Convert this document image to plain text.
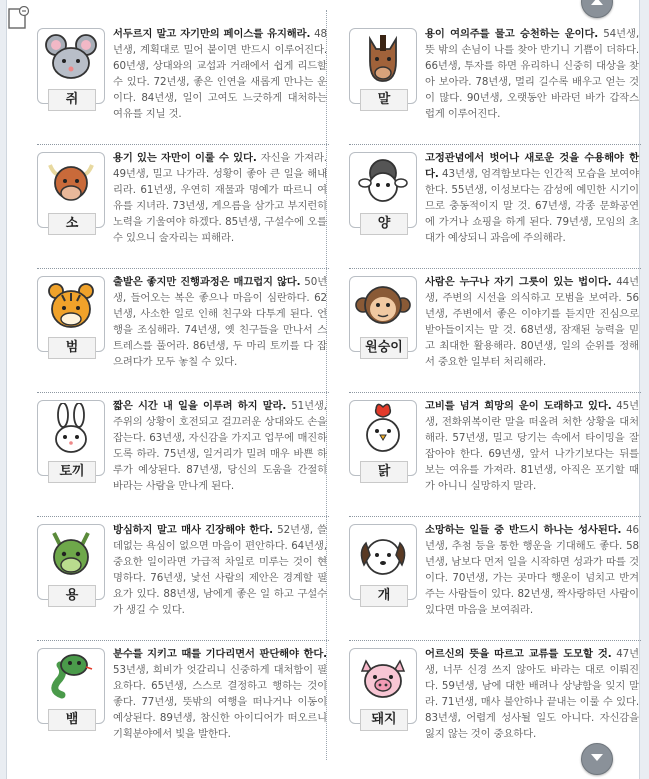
서두르지 말고 자기만의 페이스를 유지해라. 48년생, 계획대로 밀어 붙이면 반드시 이루어진다. 60년생, 상대와의 교섭과 거래에서 쉽게 리드할 수 있다. 72년생, 좋은 인연을 새롭게 만나는 운이다. 84년생, 일이 고여도 느긋하게 대처하는 여유를 지닐 것.
쥐
용이 여의주를 물고 승천하는 운이다. 54년생, 뜻 밖의 손님이 나를 찾아 반기니 기쁨이 더하다. 66년생, 투자를 하면 유리하니 신중히 대상을 찾아 보아라. 78년생, 멀리 길수록 배우고 얻는 것이 많다. 90년생, 오랫동안 바라던 바가 갑작스럽게 이루어진다.
말
용기 있는 자만이 이룰 수 있다. 자신을 가져라. 49년생, 밀고 나가라. 성황이 좋아 큰 일을 해내리라. 61년생, 우연히 재물과 명예가 따르니 여유를 지녀라. 73년생, 게으름을 삼가고 부지런히 노력을 기울여야 하겠다. 85년생, 구설수에 오를 수 있으니 술자리는 피해라.
소
고정관념에서 벗어나 새로운 것을 수용해야 한다. 43년생, 엄격함보다는 인간적 모습을 보여야 한다. 55년생, 이성보다는 감성에 예민한 시기이므로 충동적이지 말 것. 67년생, 각종 문화공연에 가거나 쇼핑을 하게 된다. 79년생, 모임의 초대가 예상되니 과음에 주의해라.
양
출발은 좋지만 진행과정은 매끄럽지 않다. 50년생, 들어오는 복은 좋으나 마음이 심란하다. 62년생, 사소한 일로 인해 친구와 다투게 된다. 언행을 조심해라. 74년생, 옛 친구들을 만나서 스트레스를 풀어라. 86년생, 두 마리 토끼를 다 잡으려다가 모두 놓칠 수 있다.
범
사람은 누구나 자기 그릇이 있는 법이다. 44년생, 주변의 시선을 의식하고 모범을 보여라. 56년생, 주변에서 좋은 이야기를 듣지만 진심으로 받아들이지는 말 것. 68년생, 잠재된 능력을 믿고 최대한 활용해라. 80년생, 일의 순위를 정해서 중요한 일부터 처리해라.
원숭이
짧은 시간 내 일을 이루려 하지 말라. 51년생, 주위의 상황이 호전되고 걸끄러운 상대와도 손을 잡는다. 63년생, 자신감을 가지고 업무에 매진하도록 하라. 75년생, 일거리가 밀려 매우 바쁜 하루가 예상된다. 87년생, 당신의 도움을 간절히 바라는 사람을 만나게 된다.
토끼
고비를 넘겨 희망의 운이 도래하고 있다. 45년생, 전화위복이란 말을 떠올려 처한 상황을 대처해라. 57년생, 밀고 당기는 속에서 타이밍을 잘 잡아야 한다. 69년생, 앞서 나가기보다는 뒤를 보는 여유를 가져라. 81년생, 아직은 포기할 때가 아니니 실망하지 말라.
닭
방심하지 말고 매사 긴장해야 한다. 52년생, 쓸데없는 욕심이 없으면 마음이 편안하다. 64년생, 중요한 일이라면 가급적 차일로 미루는 것이 현명하다. 76년생, 낯선 사람의 제안은 경계할 필요가 있다. 88년생, 남에게 좋은 일 하고 구설수가 생길 수 있다.
용
소망하는 일들 중 반드시 하나는 성사된다. 46년생, 추첨 등을 통한 행운을 기대해도 좋다. 58년생, 남보다 먼저 일을 시작하면 성과가 따를 것이다. 70년생, 가는 곳마다 행운이 넘치고 반겨주는 사람들이 있다. 82년생, 짝사랑하던 사람이 있다면 마음을 보여줘라.
개
분수를 지키고 때를 기다리면서 판단해야 한다. 53년생, 희비가 엇갈리니 신중하게 대처함이 필요하다. 65년생, 스스로 결정하고 행하는 것이 좋다. 77년생, 뜻밖의 여행을 떠나거나 이동이 예상된다. 89년생, 참신한 아이디어가 떠오르니 기획분야에서 빛을 발한다.
뱀
어르신의 뜻을 따르고 교류를 도모할 것. 47년생, 너무 신경 쓰지 않아도 바라는 대로 이뤄진다. 59년생, 남에 대한 배려나 상냥함을 잊지 말라. 71년생, 매사 불안하나 끝내는 이룰 수 있다. 83년생, 어렵게 성사될 일도 아니다. 자신감을 잃지 않는 것이 중요하다.
돼지
